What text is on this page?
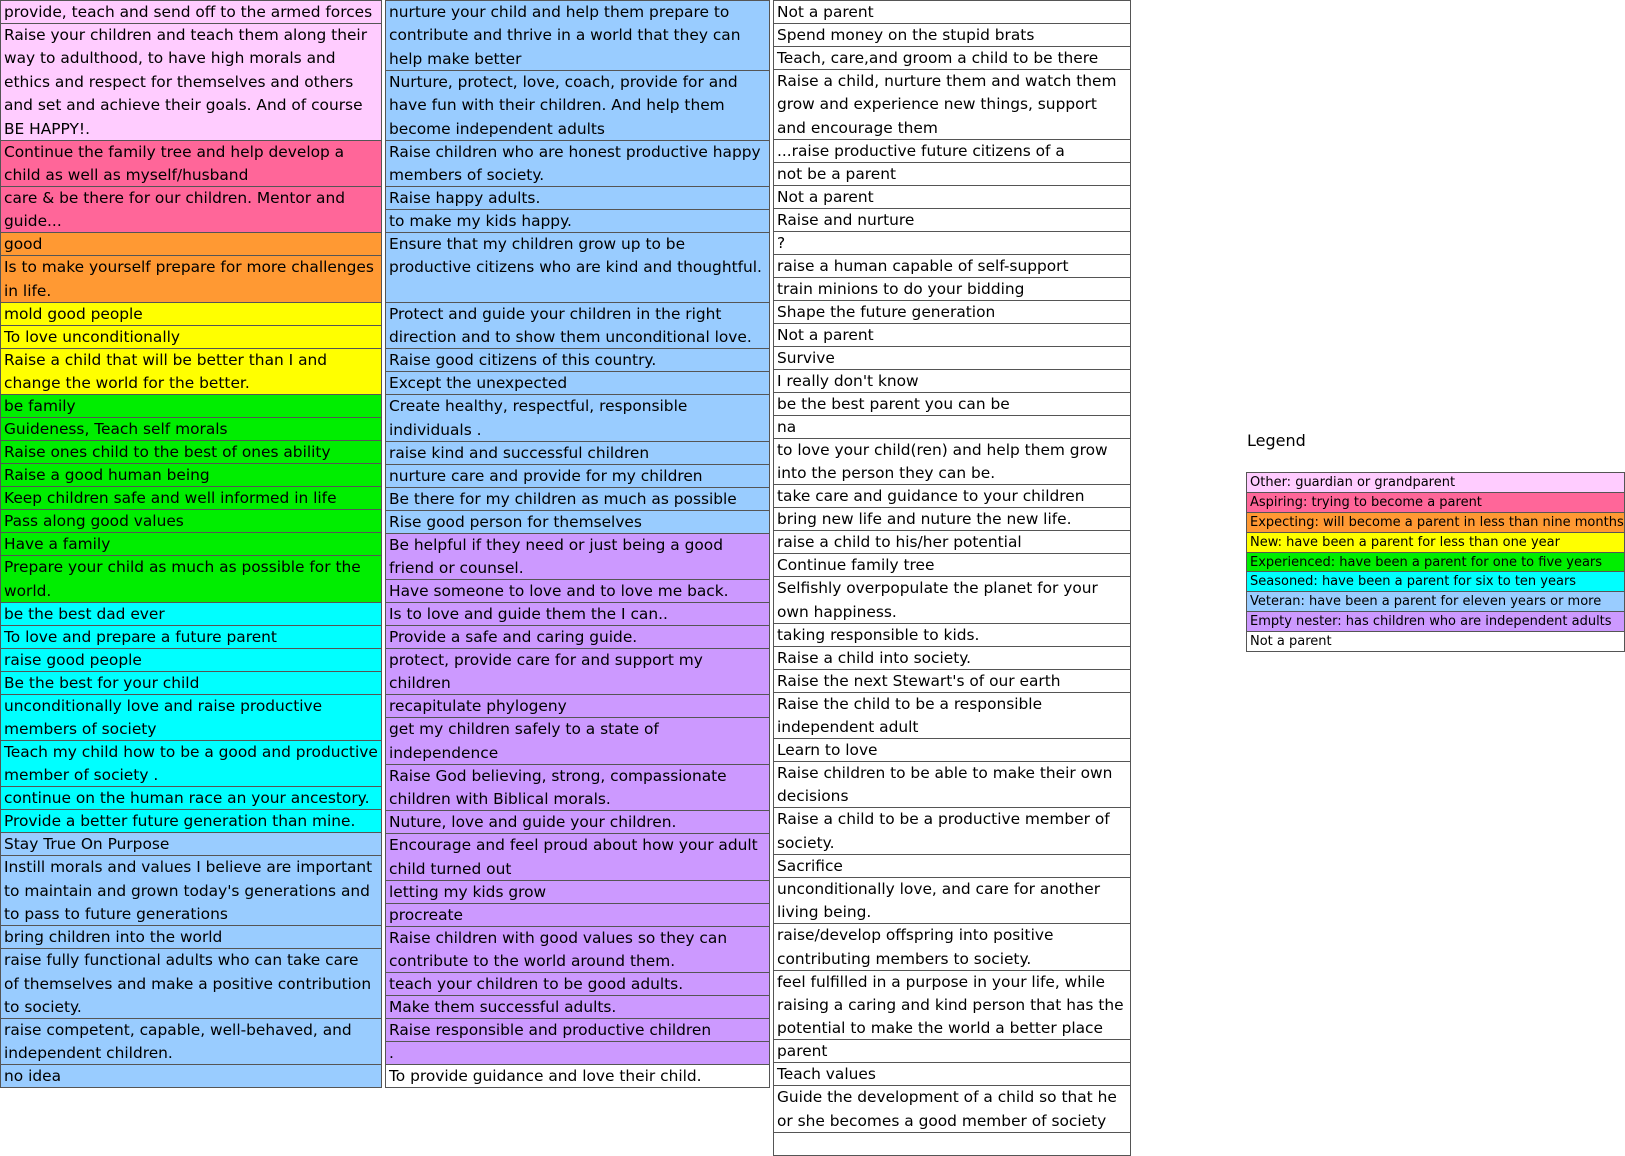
provide, teach and send off to the armed forces
Raise your children and teach them along their way to adulthood, to have high morals and ethics and respect for themselves and others and set and achieve their goals. And of course BE HAPPY!.
Continue the family tree and help develop a child as well as myself/husband
care & be there for our children. Mentor and guide...
good
Is to make yourself prepare for more challenges in life.
mold good people
To love unconditionally
Raise a child that will be better than I and change the world for the better.
be family
Guideness, Teach self morals
Raise ones child to the best of ones ability
Raise a good human being
Keep children safe and well informed in life
Pass along good values
Have a family
Prepare your child as much as possible for the world.
be the best dad ever
To love and prepare a future parent
raise good people
Be the best for your child
unconditionally love and raise productive members of society
Teach my child how to be a good and productive member of society .
continue on the human race an your ancestory.
Provide a better future generation than mine.
Stay True On Purpose
Instill morals and values I believe are important to maintain and grown today's generations and to pass to future generations
bring children into the world
raise fully functional adults who can take care of themselves and make a positive contribution to society.
raise competent, capable, well-behaved, and independent children.
no idea
nurture your child and help them prepare to contribute and thrive in a world that they can help make better
Nurture, protect, love, coach, provide for and have fun with their children. And help them become independent adults
Raise children who are honest productive happy members of society.
Raise happy adults.
to make my kids happy.
Ensure that my children grow up to be productive citizens who are kind and thoughtful.
Protect and guide your children in the right direction and to show them unconditional love.
Raise good citizens of this country.
Except the unexpected
Create healthy, respectful, responsible individuals .
raise kind and successful children
nurture care and provide for my children
Be there for my children as much as possible
Rise good person for themselves
Be helpful if they need or just being a good friend or counsel.
Have someone to love and to love me back.
Is to love and guide them the I can..
Provide a safe and caring guide.
protect, provide care for and support my children
recapitulate phylogeny
get my children safely to a state of independence
Raise God believing, strong, compassionate children with Biblical morals.
Nuture, love and guide your children.
Encourage and feel proud about how your adult child turned out
letting my kids grow
procreate
Raise children with good values so they can contribute to the world around them.
teach your children to be good adults.
Make them successful adults.
Raise responsible and productive children
.
To provide guidance and love their child.
Not a parent
Spend money on the stupid brats
Teach, care,and groom a child to be there
Raise a child, nurture them and watch them grow and experience new things, support and encourage them
...raise productive future citizens of a
not be a parent
Not a parent
Raise and nurture
?
raise a human capable of self-support
train minions to do your bidding
Shape the future generation
Not a parent
Survive
I really don't know
be the best parent you can be
na
to love your child(ren) and help them grow into the person they can be.
take care and guidance to your children
bring new life and nuture the new life.
raise a child to his/her potential
Continue family tree
Selfishly overpopulate the planet for your own happiness.
taking responsible to kids.
Raise a child into society.
Raise the next Stewart's of our earth
Raise the child to be a responsible independent adult
Learn to love
Raise children to be able to make their own decisions
Raise a child to be a productive member of society.
Sacrifice
unconditionally love, and care for another living being.
raise/develop offspring into positive contributing members to society.
feel fulfilled in a purpose in your life, while raising a caring and kind person that has the potential to make the world a better place
parent
Teach values
Guide the development of a child so that he or she becomes a good member of society
Legend
Other: guardian or grandparent
Aspiring: trying to become a parent
Expecting: will become a parent in less than nine months
New: have been a parent for less than one year
Experienced: have been a parent for one to five years
Seasoned: have been a parent for six to ten years
Veteran: have been a parent for eleven years or more
Empty nester: has children who are independent adults
Not a parent
